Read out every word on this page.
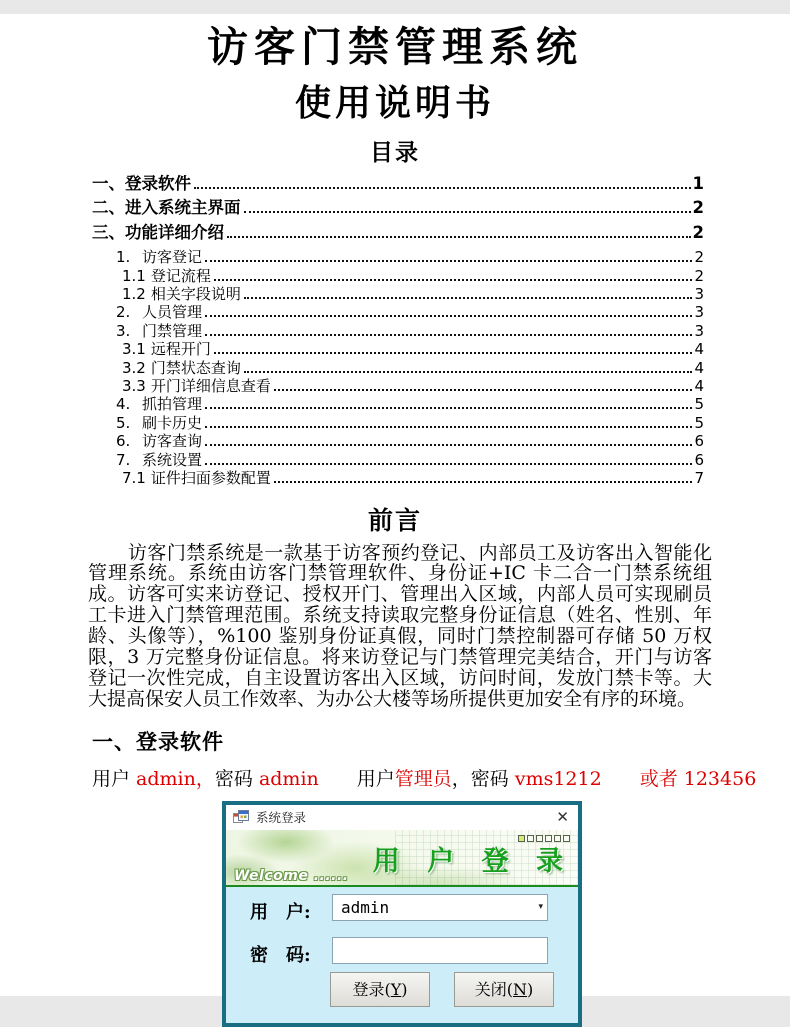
访客门禁管理系统
使用说明书
目录
一、登录软件	1
二、进入系统主界面	2
三、功能详细介绍	2
1. 访客登记	2
1.1 登记流程	2
1.2 相关字段说明	3
2. 人员管理	3
3. 门禁管理	3
3.1 远程开门	4
3.2 门禁状态查询	4
3.3 开门详细信息查看	4
4. 抓拍管理	5
5. 刷卡历史	5
6. 访客查询	6
7. 系统设置	6
7.1 证件扫面参数配置	7
前言

访客门禁系统是一款基于访客预约登记、内部员工及访客出入智能化管理系统。系统由访客门禁管理软件、身份证+IC 卡二合一门禁系统组成。访客可实来访登记、授权开门、管理出入区域，内部人员可实现刷员工卡进入门禁管理范围。系统支持读取完整身份证信息（姓名、性别、年龄、头像等），%100 鉴别身份证真假，同时门禁控制器可存储 50 万权限，3 万完整身份证信息。将来访登记与门禁管理完美结合，开门与访客登记一次性完成，自主设置访客出入区域，访问时间，发放门禁卡等。大大提高保安人员工作效率、为办公大楼等场所提供更加安全有序的环境。

一、登录软件

用户 admin，密码 admin 用户管理员，密码 vms1212 或者 123456

系统登录	✕
Welcome ...... 用 户 登 录
用　户:	admin	▾
密　码:
登录(Y)	关闭(N)
